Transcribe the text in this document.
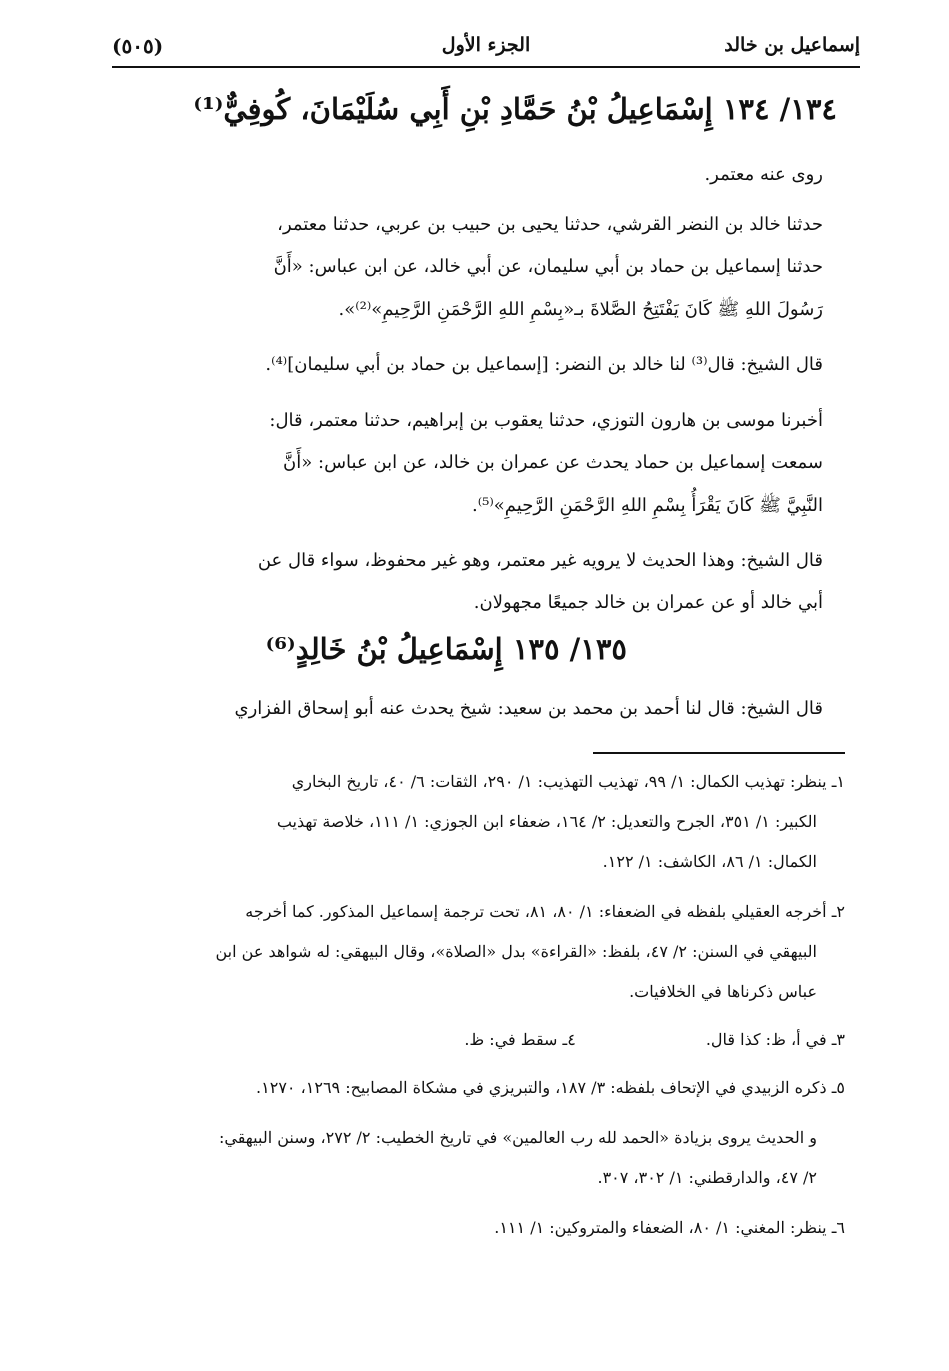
إسماعيل بن خالد
الجزء الأول
(٥٠٥)
١٣٤/ ١٣٤ إِسْمَاعِيلُ بْنُ حَمَّادِ بْنِ أَبِي سُلَيْمَانَ، كُوفِيٌّ⁽¹⁾
روى عنه معتمر.
حدثنا خالد بن النضر القرشي، حدثنا يحيى بن حبيب بن عربي، حدثنا معتمر،
حدثنا إسماعيل بن حماد بن أبي سليمان، عن أبي خالد، عن ابن عباس: «أَنَّ
رَسُولَ اللهِ ﷺ كَانَ يَفْتَتِحُ الصَّلاةَ بـ«بِسْمِ اللهِ الرَّحْمَنِ الرَّحِيمِ»⁽²⁾».
قال الشيخ: قال⁽³⁾ لنا خالد بن النضر: [إسماعيل بن حماد بن أبي سليمان]⁽⁴⁾.
أخبرنا موسى بن هارون التوزي، حدثنا يعقوب بن إبراهيم، حدثنا معتمر، قال:
سمعت إسماعيل بن حماد يحدث عن عمران بن خالد، عن ابن عباس: «أَنَّ
النَّبِيَّ ﷺ كَانَ يَقْرَأُ بِسْمِ اللهِ الرَّحْمَنِ الرَّحِيمِ»⁽⁵⁾.
قال الشيخ: وهذا الحديث لا يرويه غير معتمر، وهو غير محفوظ، سواء قال عن
أبي خالد أو عن عمران بن خالد جميعًا مجهولان.
١٣٥/ ١٣٥ إِسْمَاعِيلُ بْنُ خَالِدٍ⁽⁶⁾
قال الشيخ: قال لنا أحمد بن محمد بن سعيد: شيخ يحدث عنه أبو إسحاق الفزاري
١ـ ينظر: تهذيب الكمال: ١/ ٩٩، تهذيب التهذيب: ١/ ٢٩٠، الثقات: ٦/ ٤٠، تاريخ البخاري
الكبير: ١/ ٣٥١، الجرح والتعديل: ٢/ ١٦٤، ضعفاء ابن الجوزي: ١/ ١١١، خلاصة تهذيب
الكمال: ١/ ٨٦، الكاشف: ١/ ١٢٢.
٢ـ أخرجه العقيلي بلفظه في الضعفاء: ١/ ٨٠، ٨١، تحت ترجمة إسماعيل المذكور. كما أخرجه
البيهقي في السنن: ٢/ ٤٧، بلفظ: «القراءة» بدل «الصلاة»، وقال البيهقي: له شواهد عن ابن
عباس ذكرناها في الخلافيات.
٣ـ في أ، ظ: كذا قال.٤ـ سقط في: ظ.
٥ـ ذكره الزبيدي في الإتحاف بلفظه: ٣/ ١٨٧، والتبريزي في مشكاة المصابيح: ١٢٦٩، ١٢٧٠.
و الحديث يروى بزيادة «الحمد لله رب العالمين» في تاريخ الخطيب: ٢/ ٢٧٢، وسنن البيهقي:
٢/ ٤٧، والدارقطني: ١/ ٣٠٢، ٣٠٧.
٦ـ ينظر: المغني: ١/ ٨٠، الضعفاء والمتروكين: ١/ ١١١.
